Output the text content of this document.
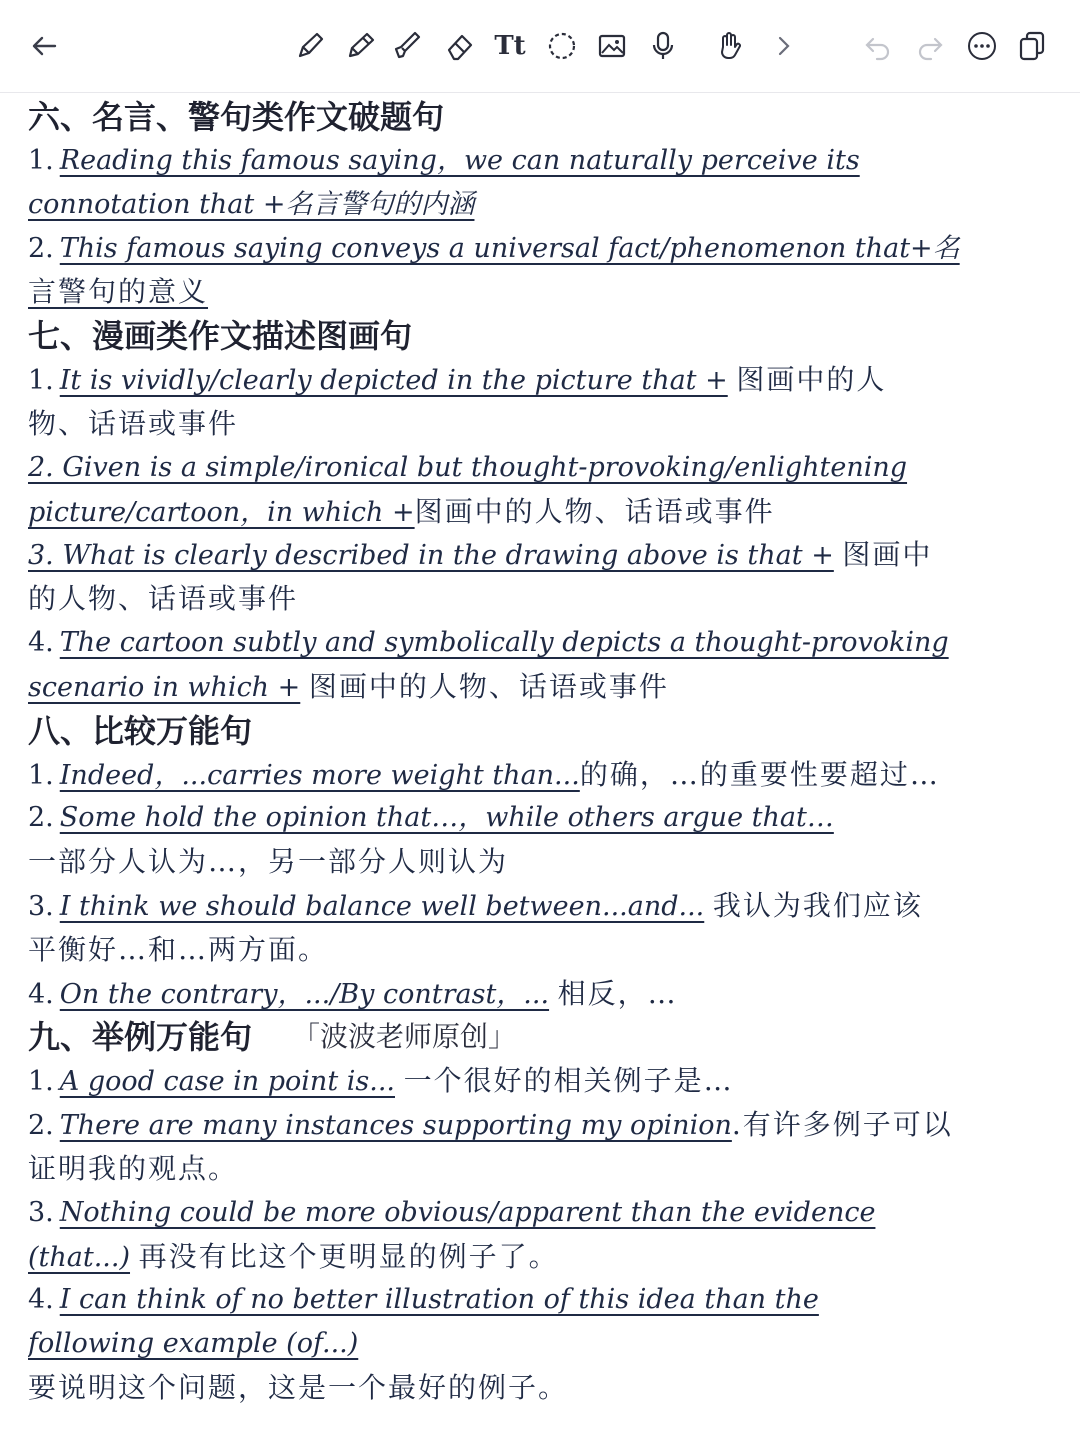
Tt
六、名言、警句类作文破题句
1. Reading this famous saying，we can naturally perceive its
connotation that +名言警句的内涵
2. This famous saying conveys a universal fact/phenomenon that+名
言警句的意义
七、漫画类作文描述图画句
1. It is vividly/clearly depicted in the picture that + 图画中的人
物、话语或事件
2. Given is a simple/ironical but thought-provoking/enlightening
picture/cartoon，in which +图画中的人物、话语或事件
3. What is clearly described in the drawing above is that + 图画中
的人物、话语或事件
4. The cartoon subtly and symbolically depicts a thought-provoking
scenario in which + 图画中的人物、话语或事件
八、比较万能句
1. Indeed，...carries more weight than...的确，…的重要性要超过…
2. Some hold the opinion that…，while others argue that…
一部分人认为…，另一部分人则认为
3. I think we should balance well between...and... 我认为我们应该
平衡好…和…两方面。
4. On the contrary，.../By contrast，... 相反，…
九、举例万能句 「波波老师原创」
1. A good case in point is... 一个很好的相关例子是…
2. There are many instances supporting my opinion.有许多例子可以
证明我的观点。
3. Nothing could be more obvious/apparent than the evidence
(that...) 再没有比这个更明显的例子了。
4. I can think of no better illustration of this idea than the
following example (of...)
要说明这个问题，这是一个最好的例子。
